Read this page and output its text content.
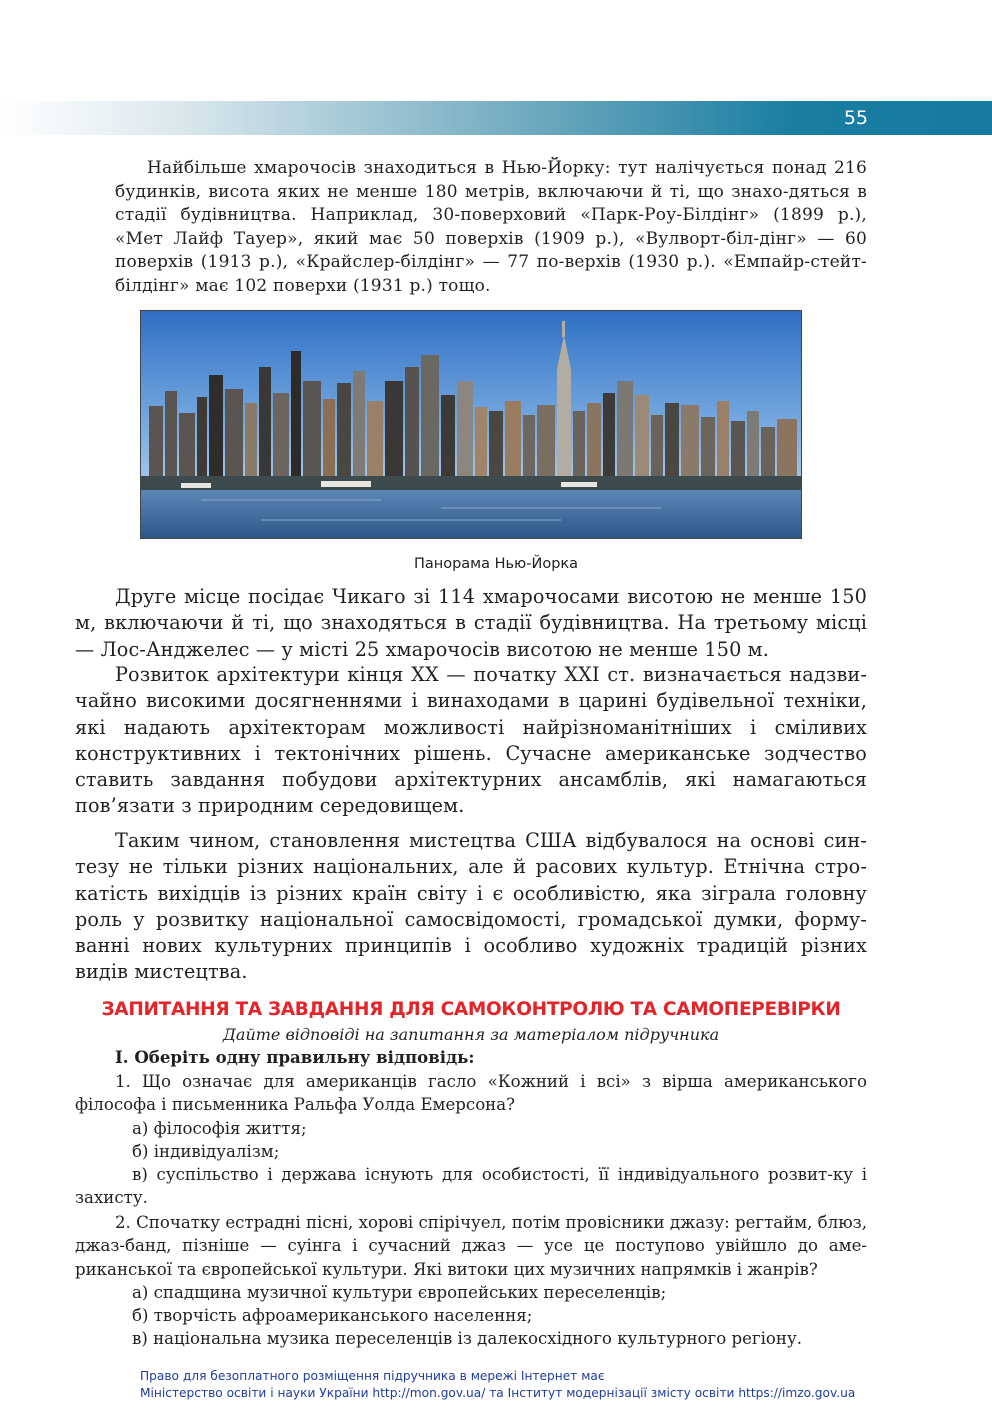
55

Найбільше хмарочосів знаходиться в Нью-Йорку: тут налічується понад 216 будинків, висота яких не менше 180 метрів, включаючи й ті, що знахо-дяться в стадії будівництва. Наприклад, 30-поверховий «Парк-Роу-Білдінг» (1899 р.), «Мет Лайф Тауер», який має 50 поверхів (1909 р.), «Вулворт-біл-дінг» — 60 поверхів (1913 р.), «Крайслер-білдінг» — 77 по-верхів (1930 р.). «Емпайр-стейт-білдінг» має 102 поверхи (1931 р.) тощо.

Панорама Нью-Йорка

Друге місце посідає Чикаго зі 114 хмарочосами висотою не менше 150 м, включаючи й ті, що знаходяться в стадії будівництва. На третьому місці — Лос-Анджелес — у місті 25 хмарочосів висотою не менше 150 м.

Розвиток архітектури кінця XX — початку XXI ст. визначається надзви-чайно високими досягненнями і винаходами в царині будівельної техніки, які надають архітекторам можливості найрізноманітніших і сміливих конструктивних і тектонічних рішень. Сучасне американське зодчество ставить завдання побудови архітектурних ансамблів, які намагаються пов’язати з природним середовищем.

Таким чином, становлення мистецтва США відбувалося на основі син-тезу не тільки різних національних, але й расових культур. Етнічна стро-катість вихідців із різних країн світу і є особливістю, яка зіграла головну роль у розвитку національної самосвідомості, громадської думки, форму-ванні нових культурних принципів і особливо художніх традицій різних видів мистецтва.

ЗАПИТАННЯ ТА ЗАВДАННЯ ДЛЯ САМОКОНТРОЛЮ ТА САМОПЕРЕВІРКИ
Дайте відповіді на запитання за матеріалом підручника

І. Оберіть одну правильну відповідь:

1. Що означає для американців гасло «Кожний і всі» з вірша американського філософа і письменника Ральфа Уолда Емерсона?

а) філософія життя;

б) індивідуалізм;

в) суспільство і держава існують для особистості, її індивідуального розвит-ку і захисту.

2. Спочатку естрадні пісні, хорові спірічуел, потім провісники джазу: регтайм, блюз, джаз-банд, пізніше — суінга і сучасний джаз — усе це поступово увійшло до аме-риканської та європейської культури. Які витоки цих музичних напрямків і жанрів?

а) спадщина музичної культури європейських переселенців;

б) творчість афроамериканського населення;

в) національна музика переселенців із далекосхідного культурного регіону.

Право для безоплатного розміщення підручника в мережі Інтернет має
Міністерство освіти і науки України http://mon.gov.ua/ та Інститут модернізації змісту освіти https://imzo.gov.ua
